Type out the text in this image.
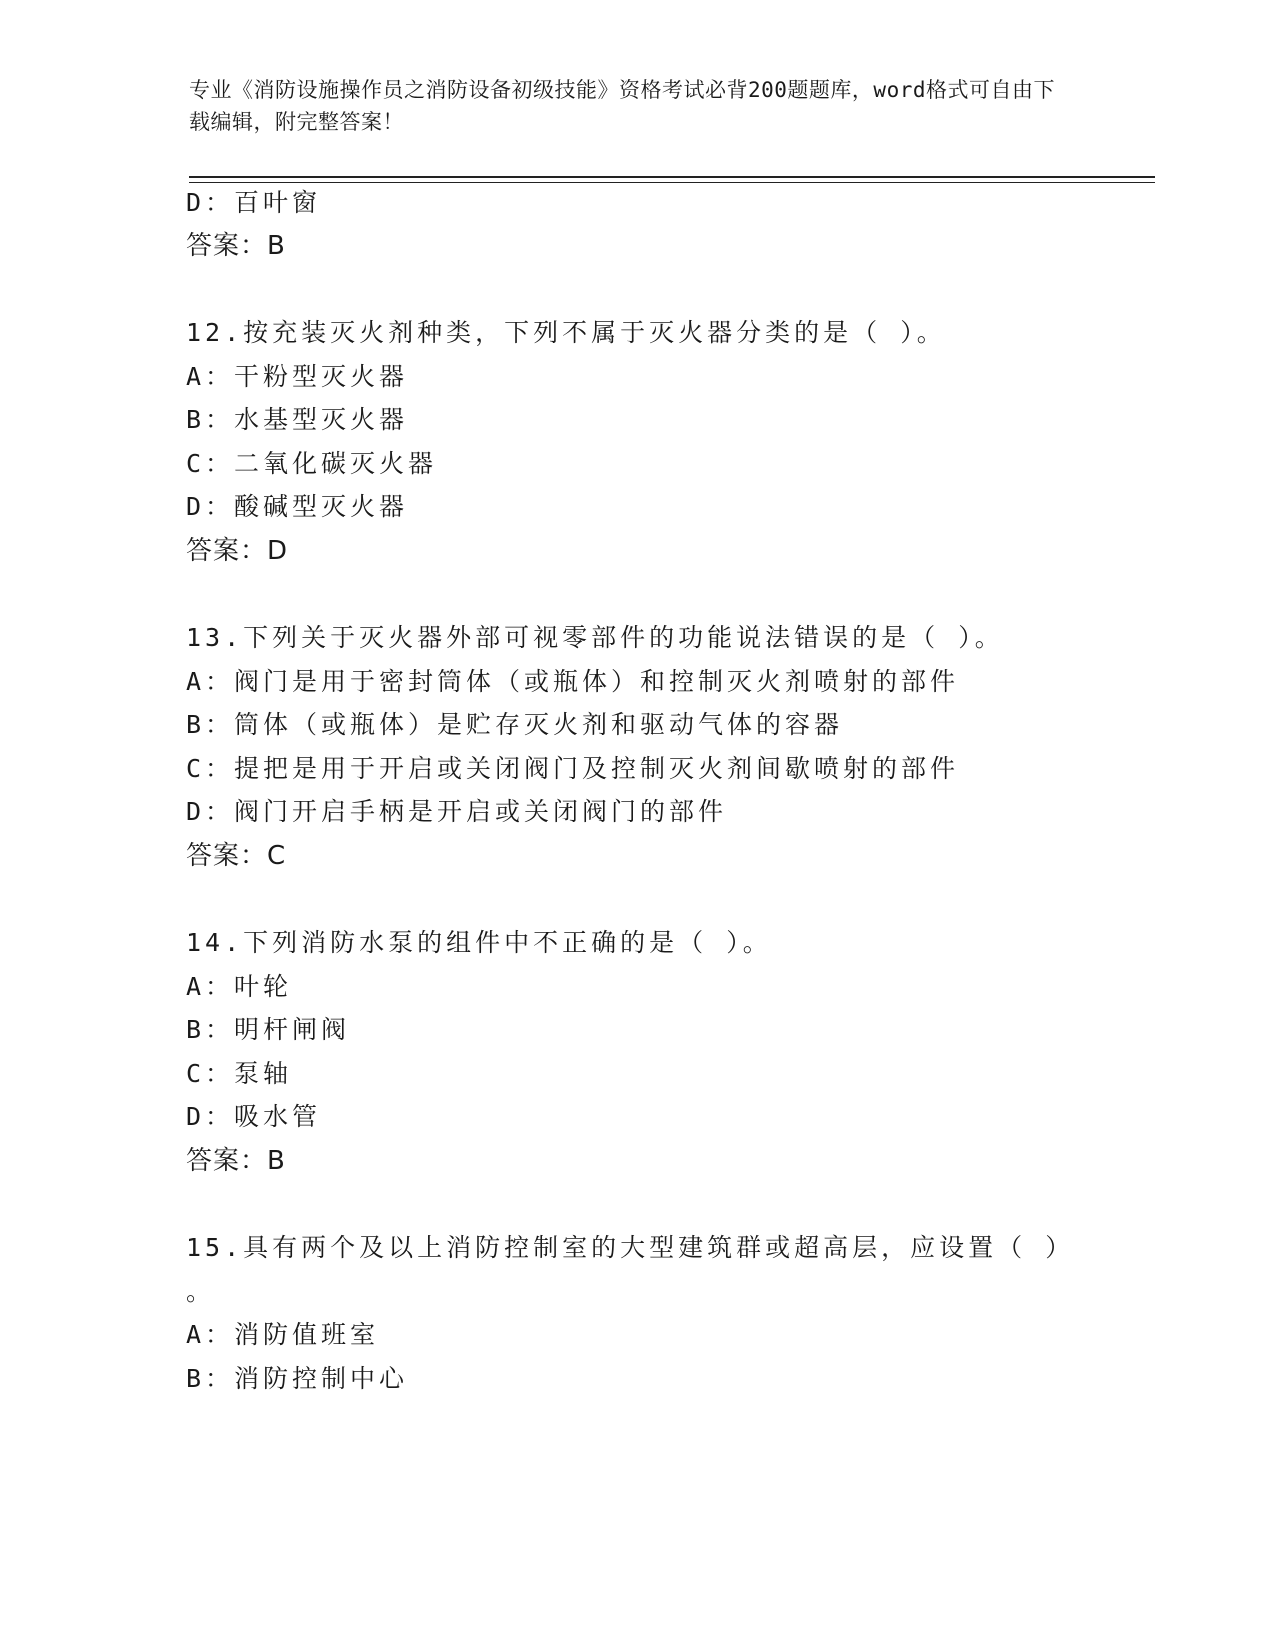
专业《消防设施操作员之消防设备初级技能》资格考试必背200题题库，word格式可自由下载编辑，附完整答案！
D：百叶窗
答案：B
12.按充装灭火剂种类，下列不属于灭火器分类的是（ ）。
A：干粉型灭火器
B：水基型灭火器
C：二氧化碳灭火器
D：酸碱型灭火器
答案：D
13.下列关于灭火器外部可视零部件的功能说法错误的是（ ）。
A：阀门是用于密封筒体（或瓶体）和控制灭火剂喷射的部件
B：筒体（或瓶体）是贮存灭火剂和驱动气体的容器
C：提把是用于开启或关闭阀门及控制灭火剂间歇喷射的部件
D：阀门开启手柄是开启或关闭阀门的部件
答案：C
14.下列消防水泵的组件中不正确的是（ ）。
A：叶轮
B：明杆闸阀
C：泵轴
D：吸水管
答案：B
15.具有两个及以上消防控制室的大型建筑群或超高层，应设置（ ）
。
A：消防值班室
B：消防控制中心
